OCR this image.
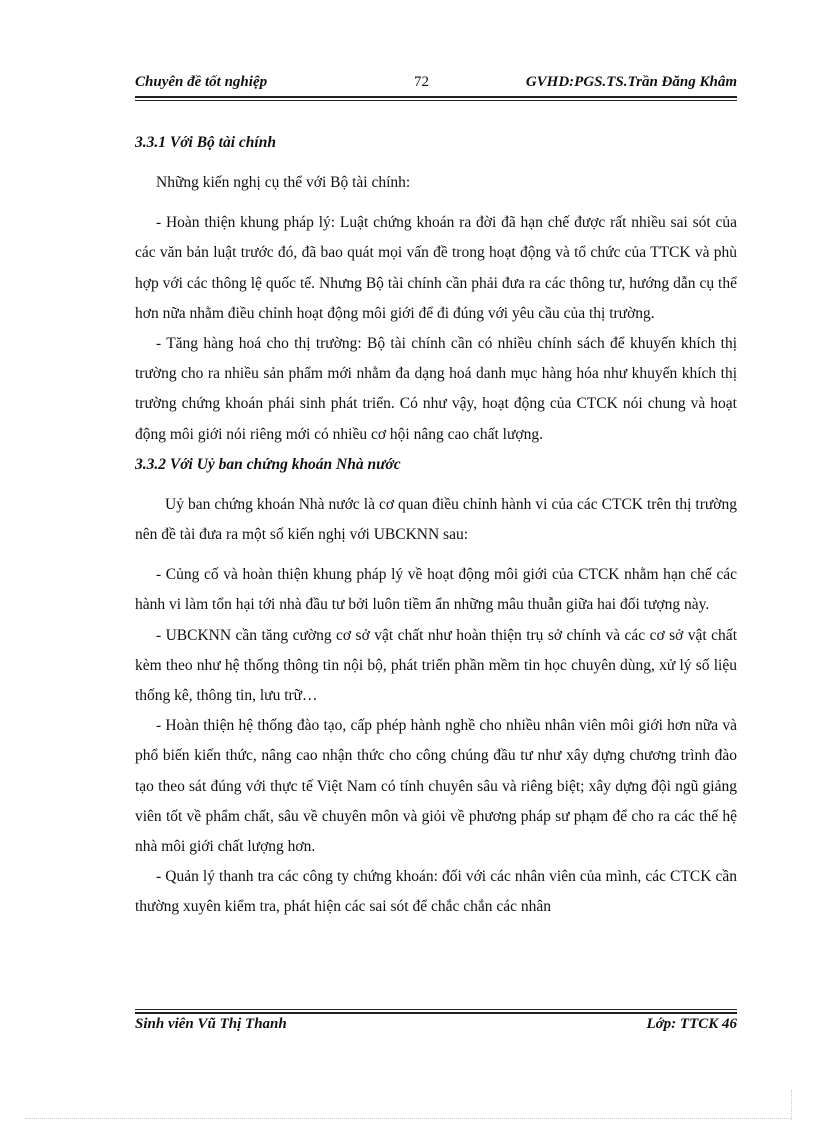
Chuyên đề tốt nghiệp	72	GVHD:PGS.TS.Trần Đăng Khâm

3.3.1 Với Bộ tài chính

Những kiến nghị cụ thể với Bộ tài chính:

- Hoàn thiện khung pháp lý: Luật chứng khoán ra đời đã hạn chế được rất nhiều sai sót của các văn bản luật trước đó, đã bao quát mọi vấn đề trong hoạt động và tổ chức của TTCK và phù hợp với các thông lệ quốc tế. Nhưng Bộ tài chính cần phải đưa ra các thông tư, hướng dẫn cụ thể hơn nữa nhằm điều chỉnh hoạt động môi giới để đi đúng với yêu cầu của thị trường.

- Tăng hàng hoá cho thị trường: Bộ tài chính cần có nhiều chính sách để khuyến khích thị trường cho ra nhiều sản phẩm mới nhằm đa dạng hoá danh mục hàng hóa như khuyến khích thị trường chứng khoán phái sinh phát triển. Có như vậy, hoạt động của CTCK nói chung và hoạt động môi giới nói riêng mới có nhiều cơ hội nâng cao chất lượng.

3.3.2 Với Uỷ ban chứng khoán Nhà nước

Uỷ ban chứng khoán Nhà nước là cơ quan điều chỉnh hành vi của các CTCK trên thị trường nên đề tài đưa ra một số kiến nghị với UBCKNN sau:

- Củng cố và hoàn thiện khung pháp lý về hoạt động môi giới của CTCK nhằm hạn chế các hành vi làm tổn hại tới nhà đầu tư bởi luôn tiềm ẩn những mâu thuẫn giữa hai đối tượng này.

- UBCKNN cần tăng cường cơ sở vật chất như hoàn thiện trụ sở chính và các cơ sở vật chất kèm theo như hệ thống thông tin nội bộ, phát triển phần mềm tin học chuyên dùng, xử lý số liệu thống kê, thông tin, lưu trữ…

- Hoàn thiện hệ thống đào tạo, cấp phép hành nghề cho nhiều nhân viên môi giới hơn nữa và phổ biến kiến thức, nâng cao nhận thức cho công chúng đầu tư như xây dựng chương trình đào tạo theo sát đúng với thực tế Việt Nam có tính chuyên sâu và riêng biệt; xây dựng đội ngũ giảng viên tốt về phẩm chất, sâu về chuyên môn và giỏi về phương pháp sư phạm để cho ra các thế hệ nhà môi giới chất lượng hơn.

- Quản lý thanh tra các công ty chứng khoán: đối với các nhân viên của mình, các CTCK cần thường xuyên kiểm tra, phát hiện các sai sót để chắc chắn các nhân

Sinh viên Vũ Thị Thanh	Lớp: TTCK 46
